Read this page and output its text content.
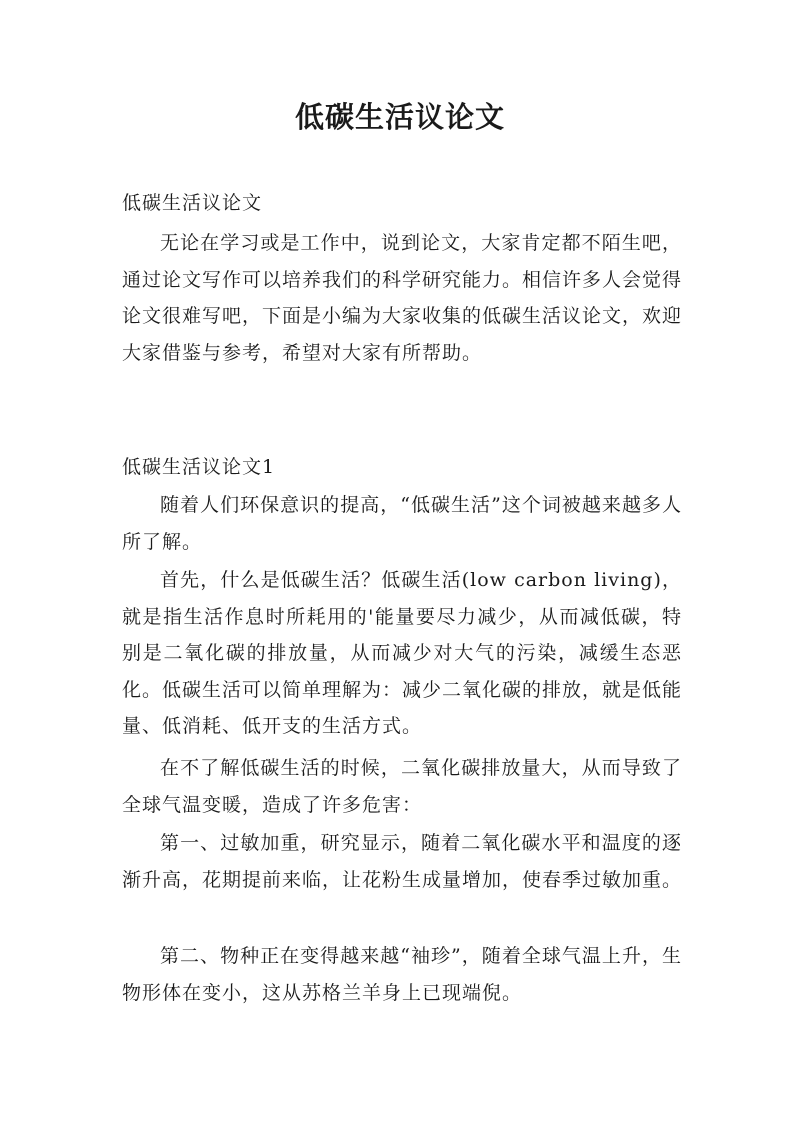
低碳生活议论文

低碳生活议论文

无论在学习或是工作中，说到论文，大家肯定都不陌生吧，通过论文写作可以培养我们的科学研究能力。相信许多人会觉得论文很难写吧，下面是小编为大家收集的低碳生活议论文，欢迎大家借鉴与参考，希望对大家有所帮助。

低碳生活议论文1

随着人们环保意识的提高，“低碳生活”这个词被越来越多人所了解。

首先，什么是低碳生活？低碳生活(low carbon living)，就是指生活作息时所耗用的'能量要尽力减少，从而减低碳，特别是二氧化碳的排放量，从而减少对大气的污染，减缓生态恶化。低碳生活可以简单理解为：减少二氧化碳的排放，就是低能量、低消耗、低开支的生活方式。

在不了解低碳生活的时候，二氧化碳排放量大，从而导致了全球气温变暖，造成了许多危害：

第一、过敏加重，研究显示，随着二氧化碳水平和温度的逐渐升高，花期提前来临，让花粉生成量增加，使春季过敏加重。

第二、物种正在变得越来越“袖珍”，随着全球气温上升，生物形体在变小，这从苏格兰羊身上已现端倪。
